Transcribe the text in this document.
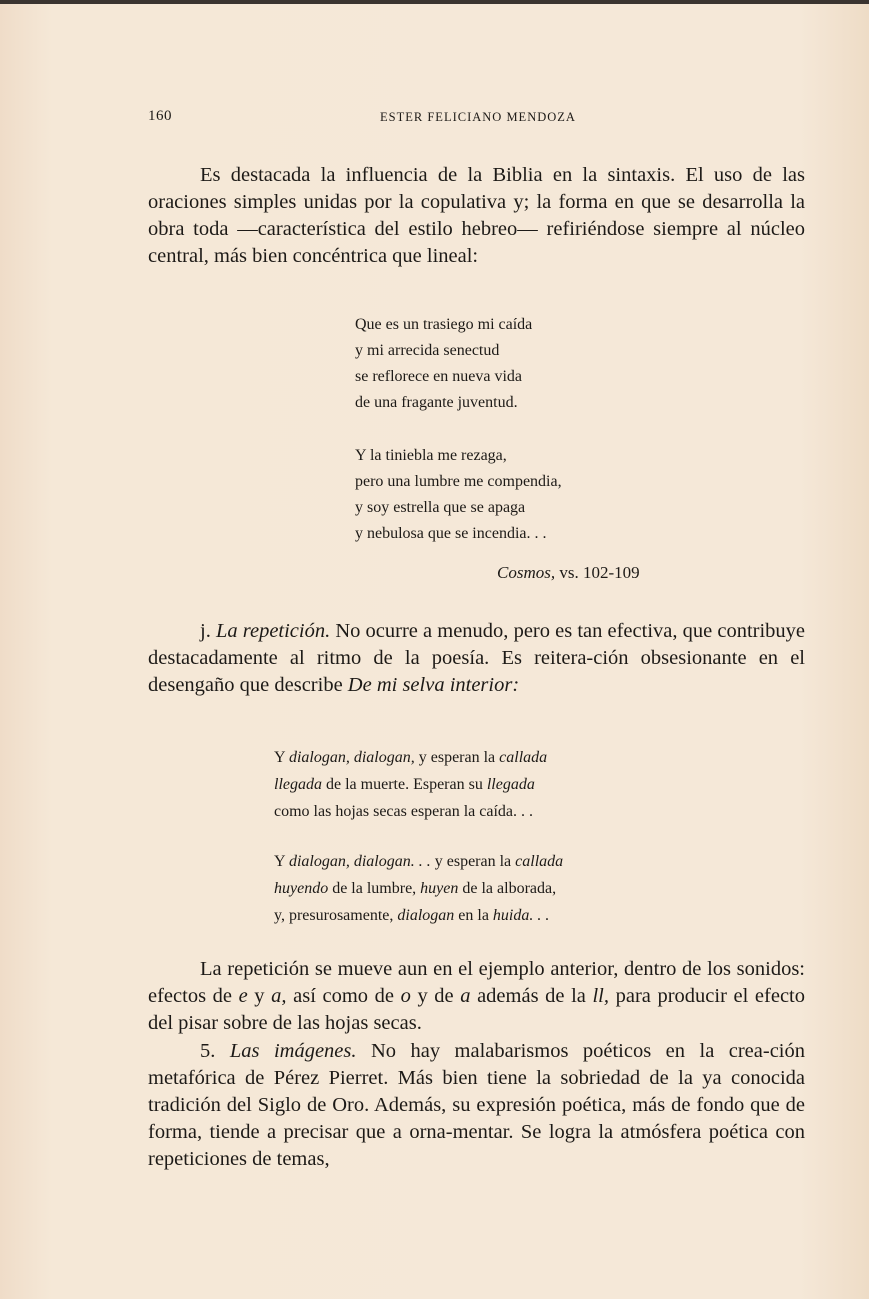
160	ESTER FELICIANO MENDOZA

Es destacada la influencia de la Biblia en la sintaxis. El uso de las oraciones simples unidas por la copulativa y; la forma en que se desarrolla la obra toda —característica del estilo hebreo— refiriéndose siempre al núcleo central, más bien concéntrica que lineal:

Que es un trasiego mi caída
y mi arrecida senectud
se reflorece en nueva vida
de una fragante juventud.
Y la tiniebla me rezaga,
pero una lumbre me compendia,
y soy estrella que se apaga
y nebulosa que se incendia. . .
Cosmos, vs. 102-109

j. La repetición. No ocurre a menudo, pero es tan efectiva, que contribuye destacadamente al ritmo de la poesía. Es reitera-ción obsesionante en el desengaño que describe De mi selva interior:

Y dialogan, dialogan, y esperan la callada
llegada de la muerte. Esperan su llegada
como las hojas secas esperan la caída. . .
Y dialogan, dialogan. . . y esperan la callada
huyendo de la lumbre, huyen de la alborada,
y, presurosamente, dialogan en la huida. . .

La repetición se mueve aun en el ejemplo anterior, dentro de los sonidos: efectos de e y a, así como de o y de a además de la ll, para producir el efecto del pisar sobre de las hojas secas.

5. Las imágenes. No hay malabarismos poéticos en la crea-ción metafórica de Pérez Pierret. Más bien tiene la sobriedad de la ya conocida tradición del Siglo de Oro. Además, su expresión poética, más de fondo que de forma, tiende a precisar que a orna-mentar. Se logra la atmósfera poética con repeticiones de temas,
